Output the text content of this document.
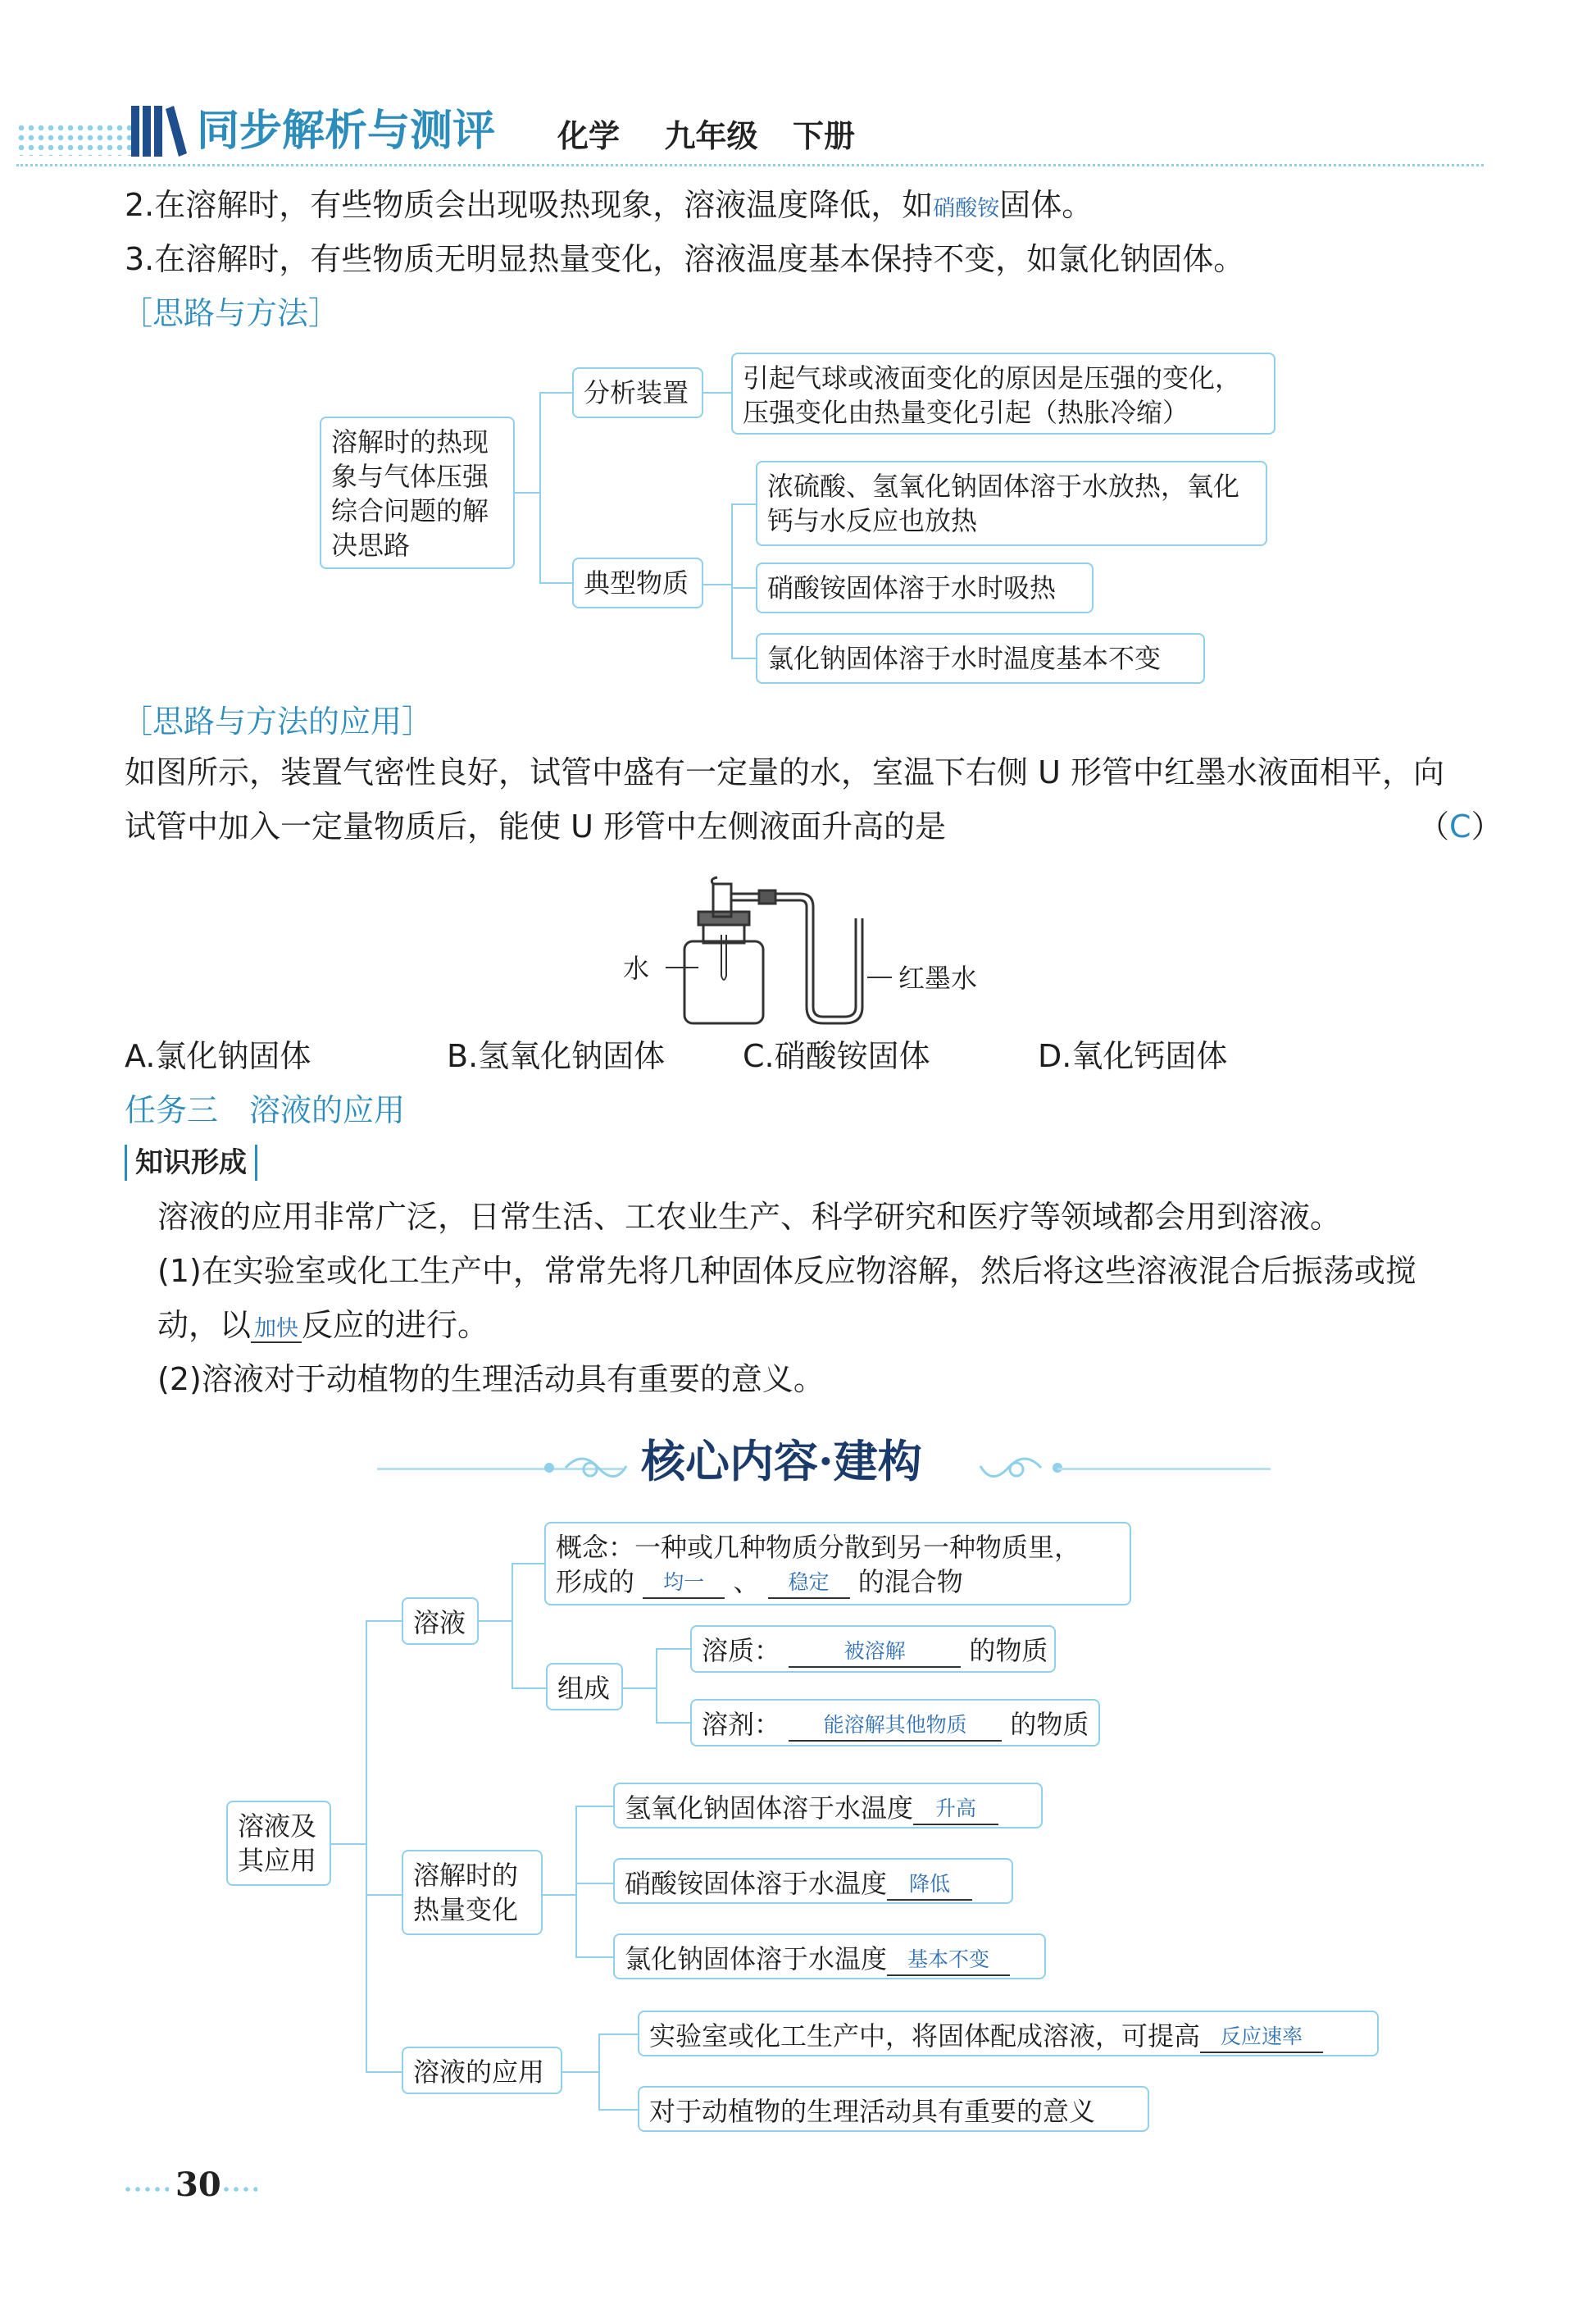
同步解析与测评 化学 九年级 下册
2.在溶解时，有些物质会出现吸热现象，溶液温度降低，如硝酸铵固体。
3.在溶解时，有些物质无明显热量变化，溶液温度基本保持不变，如氯化钠固体。
［思路与方法］
溶解时的热现象与气体压强综合问题的解决思路
分析装置	引起气球或液面变化的原因是压强的变化，压强变化由热量变化引起（热胀冷缩）
典型物质
浓硫酸、氢氧化钠固体溶于水放热，氧化钙与水反应也放热
硝酸铵固体溶于水时吸热
氯化钠固体溶于水时温度基本不变
［思路与方法的应用］
如图所示，装置气密性良好，试管中盛有一定量的水，室温下右侧 U 形管中红墨水液面相平，向
试管中加入一定量物质后，能使 U 形管中左侧液面升高的是	（C）
水	红墨水
A.氯化钠固体	B.氢氧化钠固体 C.硝酸铵固体	D.氧化钙固体
任务三　溶液的应用
知识形成
溶液的应用非常广泛，日常生活、工农业生产、科学研究和医疗等领域都会用到溶液。
(1)在实验室或化工生产中，常常先将几种固体反应物溶解，然后将这些溶液混合后振荡或搅
动，以 加快 反应的进行。
(2)溶液对于动植物的生理活动具有重要的意义。
核心内容·建构
溶液及其应用
溶液
概念：一种或几种物质分散到另一种物质里，
形成的 均一 、 稳定 的混合物
组成
溶质：	被溶解 的物质
溶剂： 能溶解其他物质 的物质
溶解时的热量变化
氢氧化钠固体溶于水温度 升高
硝酸铵固体溶于水温度 降低
氯化钠固体溶于水温度 基本不变
溶液的应用
实验室或化工生产中，将固体配成溶液，可提高 反应速率
对于动植物的生理活动具有重要的意义
30
